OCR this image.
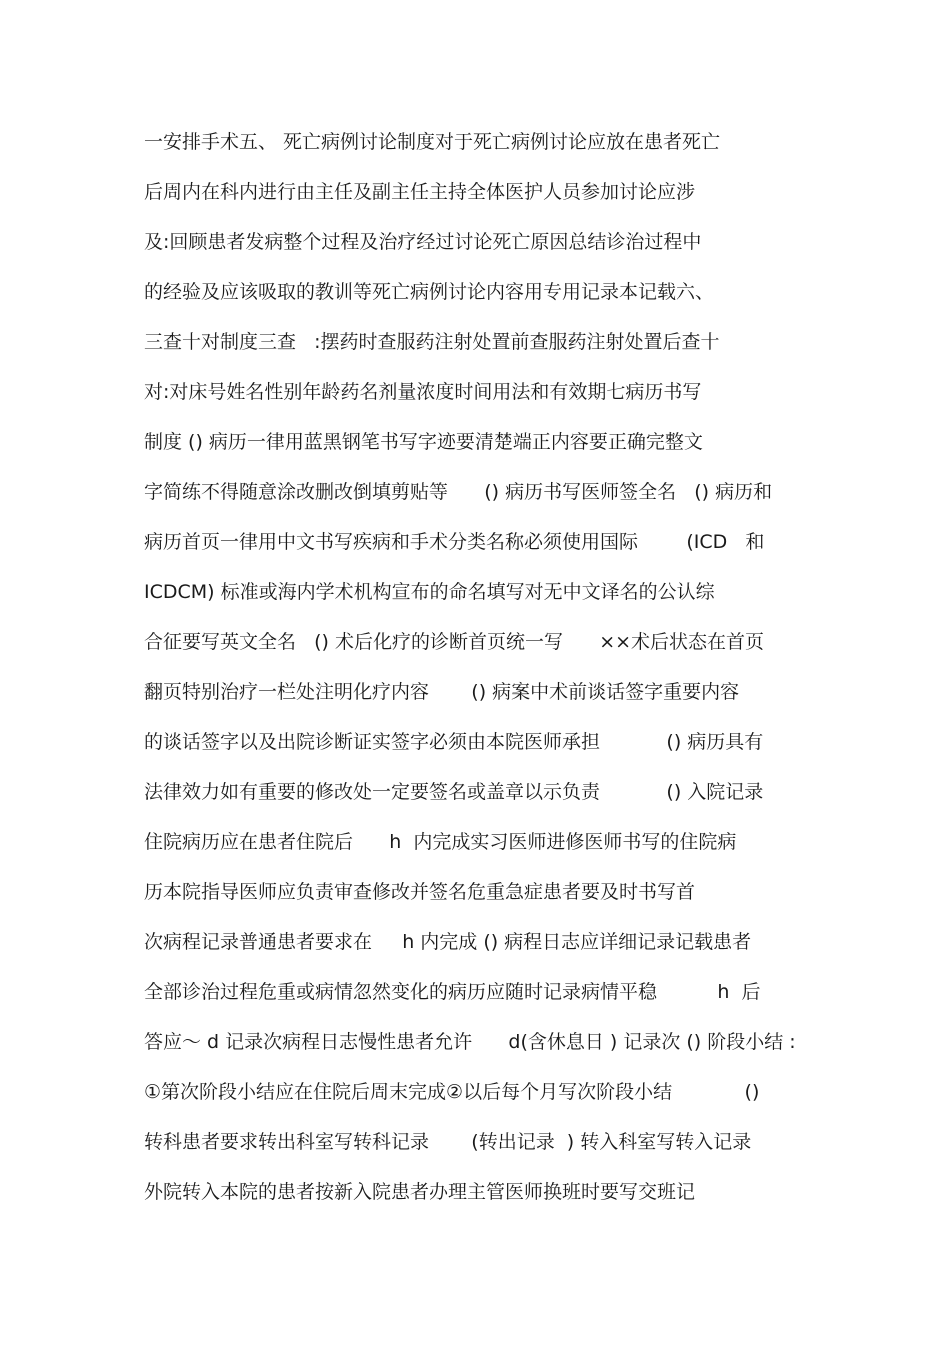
一安排手术五、 死亡病例讨论制度对于死亡病例讨论应放在患者死亡
后周内在科内进行由主任及副主任主持全体医护人员参加讨论应涉
及:回顾患者发病整个过程及治疗经过讨论死亡原因总结诊治过程中
的经验及应该吸取的教训等死亡病例讨论内容用专用记录本记载六、
三查十对制度三查   :摆药时查服药注射处置前查服药注射处置后查十
对:对床号姓名性别年龄药名剂量浓度时间用法和有效期七病历书写
制度 () 病历一律用蓝黑钢笔书写字迹要清楚端正内容要正确完整文
字简练不得随意涂改删改倒填剪贴等      () 病历书写医师签全名   () 病历和
病历首页一律用中文书写疾病和手术分类名称必须使用国际        (ICD   和
ICDCM) 标准或海内学术机构宣布的命名填写对无中文译名的公认综
合征要写英文全名   () 术后化疗的诊断首页统一写      ××术后状态在首页
翻页特别治疗一栏处注明化疗内容       () 病案中术前谈话签字重要内容
的谈话签字以及出院诊断证实签字必须由本院医师承担           () 病历具有
法律效力如有重要的修改处一定要签名或盖章以示负责           () 入院记录
住院病历应在患者住院后      h  内完成实习医师进修医师书写的住院病
历本院指导医师应负责审查修改并签名危重急症患者要及时书写首
次病程记录普通患者要求在     h 内完成 () 病程日志应详细记录记载患者
全部诊治过程危重或病情忽然变化的病历应随时记录病情平稳          h  后
答应～ d 记录次病程日志慢性患者允许      d(含休息日 ) 记录次 () 阶段小结 :
①第次阶段小结应在住院后周末完成②以后每个月写次阶段小结            ()
转科患者要求转出科室写转科记录       (转出记录  ) 转入科室写转入记录
外院转入本院的患者按新入院患者办理主管医师换班时要写交班记
